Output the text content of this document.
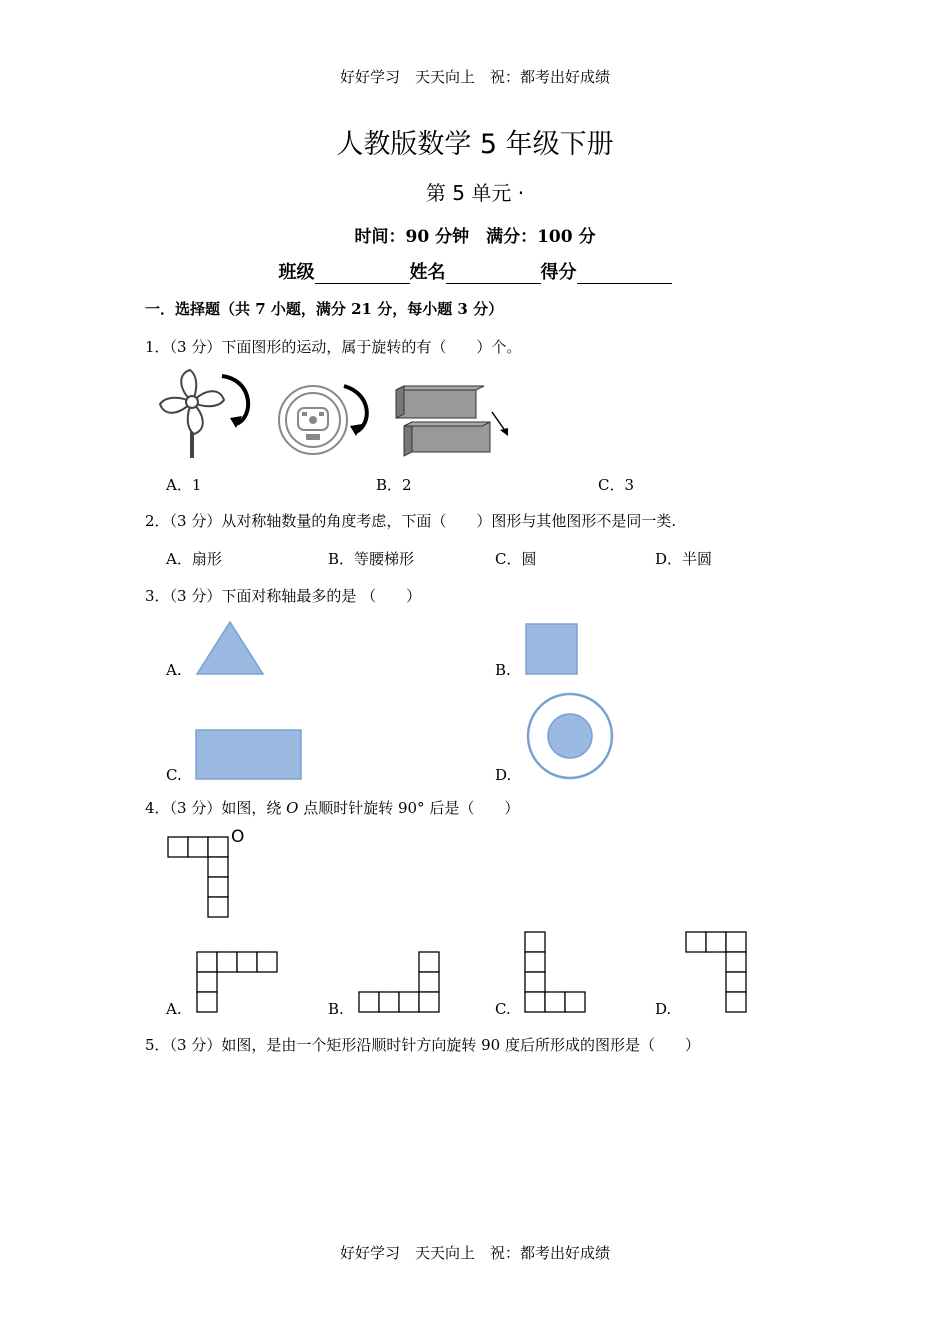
好好学习　天天向上　祝：都考出好成绩
人教版数学 5 年级下册
第 5 单元 ·
时间：90 分钟　满分：100 分
班级	姓名	得分
一．选择题（共 7 小题，满分 21 分，每小题 3 分）
1．（3 分）下面图形的运动，属于旋转的有（　　）个。
A．1	B．2	C．3
2．（3 分）从对称轴数量的角度考虑，下面（　　）图形与其他图形不是同一类.
A．扇形	B．等腰梯形	C．圆	D．半圆
3．（3 分）下面对称轴最多的是 （　　）
A.	B.
C.	D.
4．（3 分）如图，绕 O 点顺时针旋转 90° 后是（　　）
O
A.	B.	C.	D.
5．（3 分）如图，是由一个矩形沿顺时针方向旋转 90 度后所形成的图形是（　　）
好好学习　天天向上　祝：都考出好成绩
